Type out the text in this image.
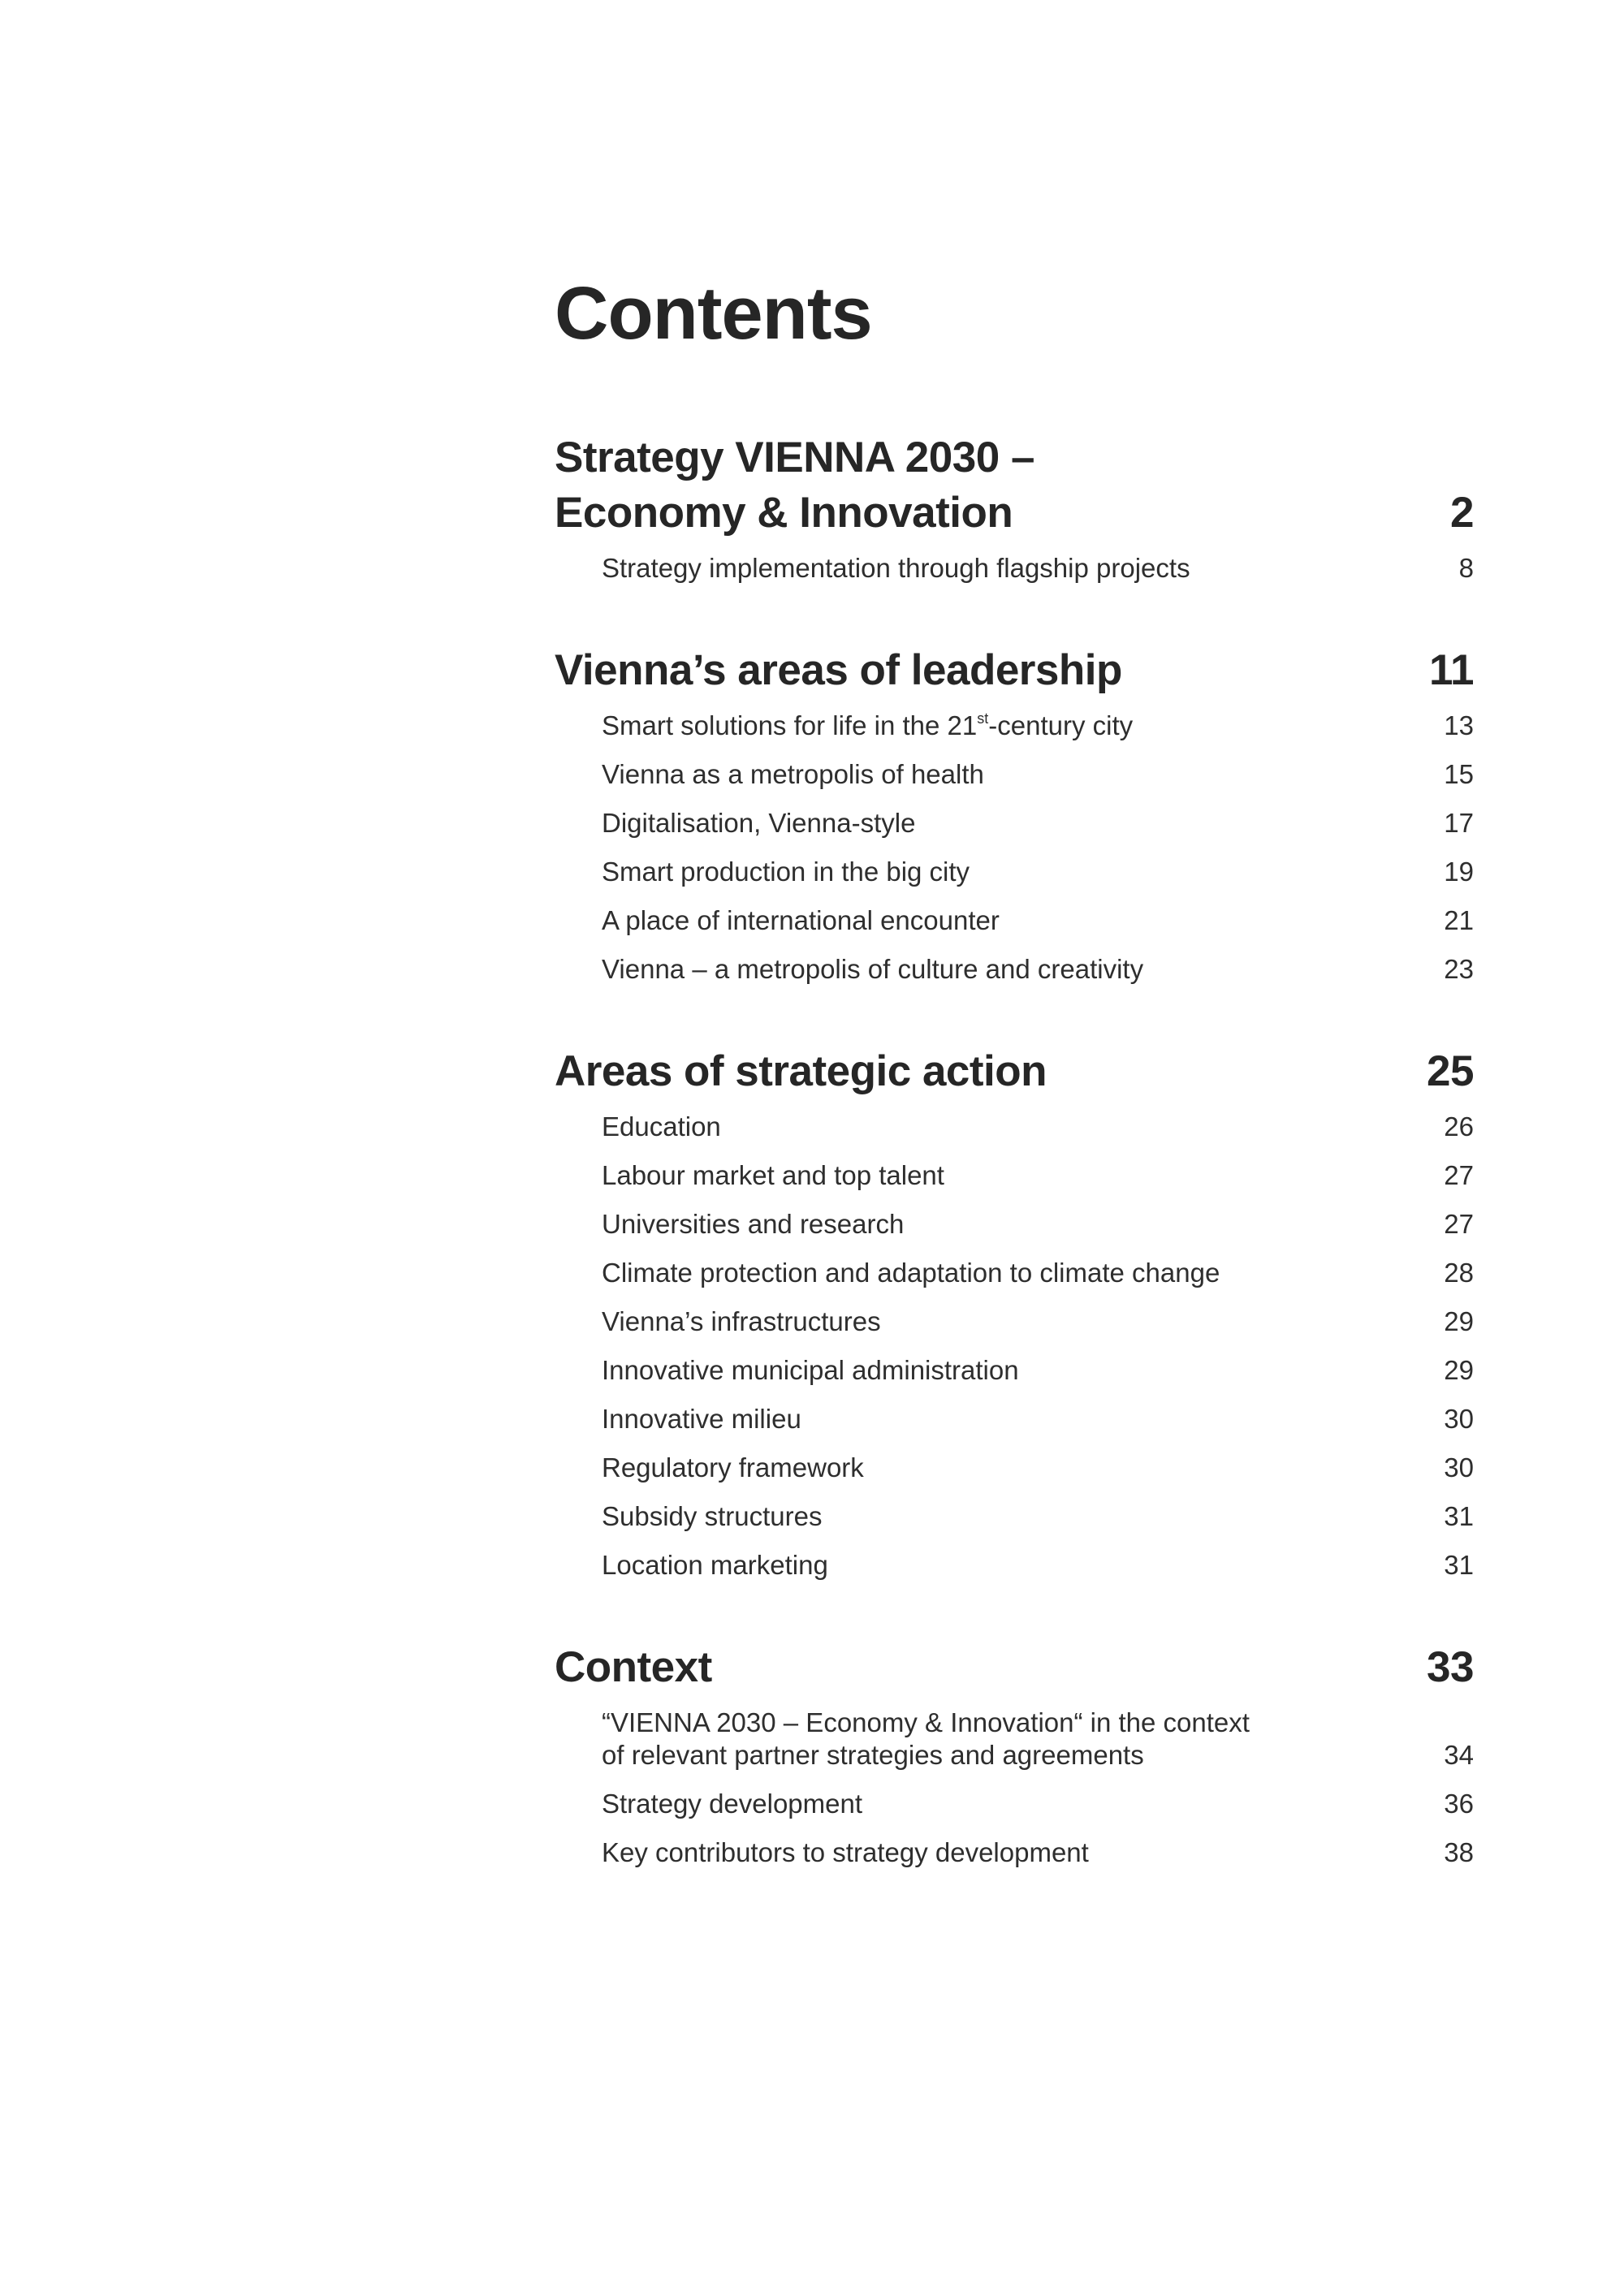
Contents
Strategy VIENNA 2030 –
Economy & Innovation	2
Strategy implementation through flagship projects	8
Vienna’s areas of leadership	11
Smart solutions for life in the 21st-century city	13
Vienna as a metropolis of health	15
Digitalisation, Vienna-style	17
Smart production in the big city	19
A place of international encounter	21
Vienna – a metropolis of culture and creativity	23
Areas of strategic action	25
Education	26
Labour market and top talent	27
Universities and research	27
Climate protection and adaptation to climate change	28
Vienna’s infrastructures	29
Innovative municipal administration	29
Innovative milieu	30
Regulatory framework	30
Subsidy structures	31
Location marketing	31
Context	33
“VIENNA 2030 – Economy & Innovation“ in the context
of relevant partner strategies and agreements	34
Strategy development	36
Key contributors to strategy development	38
